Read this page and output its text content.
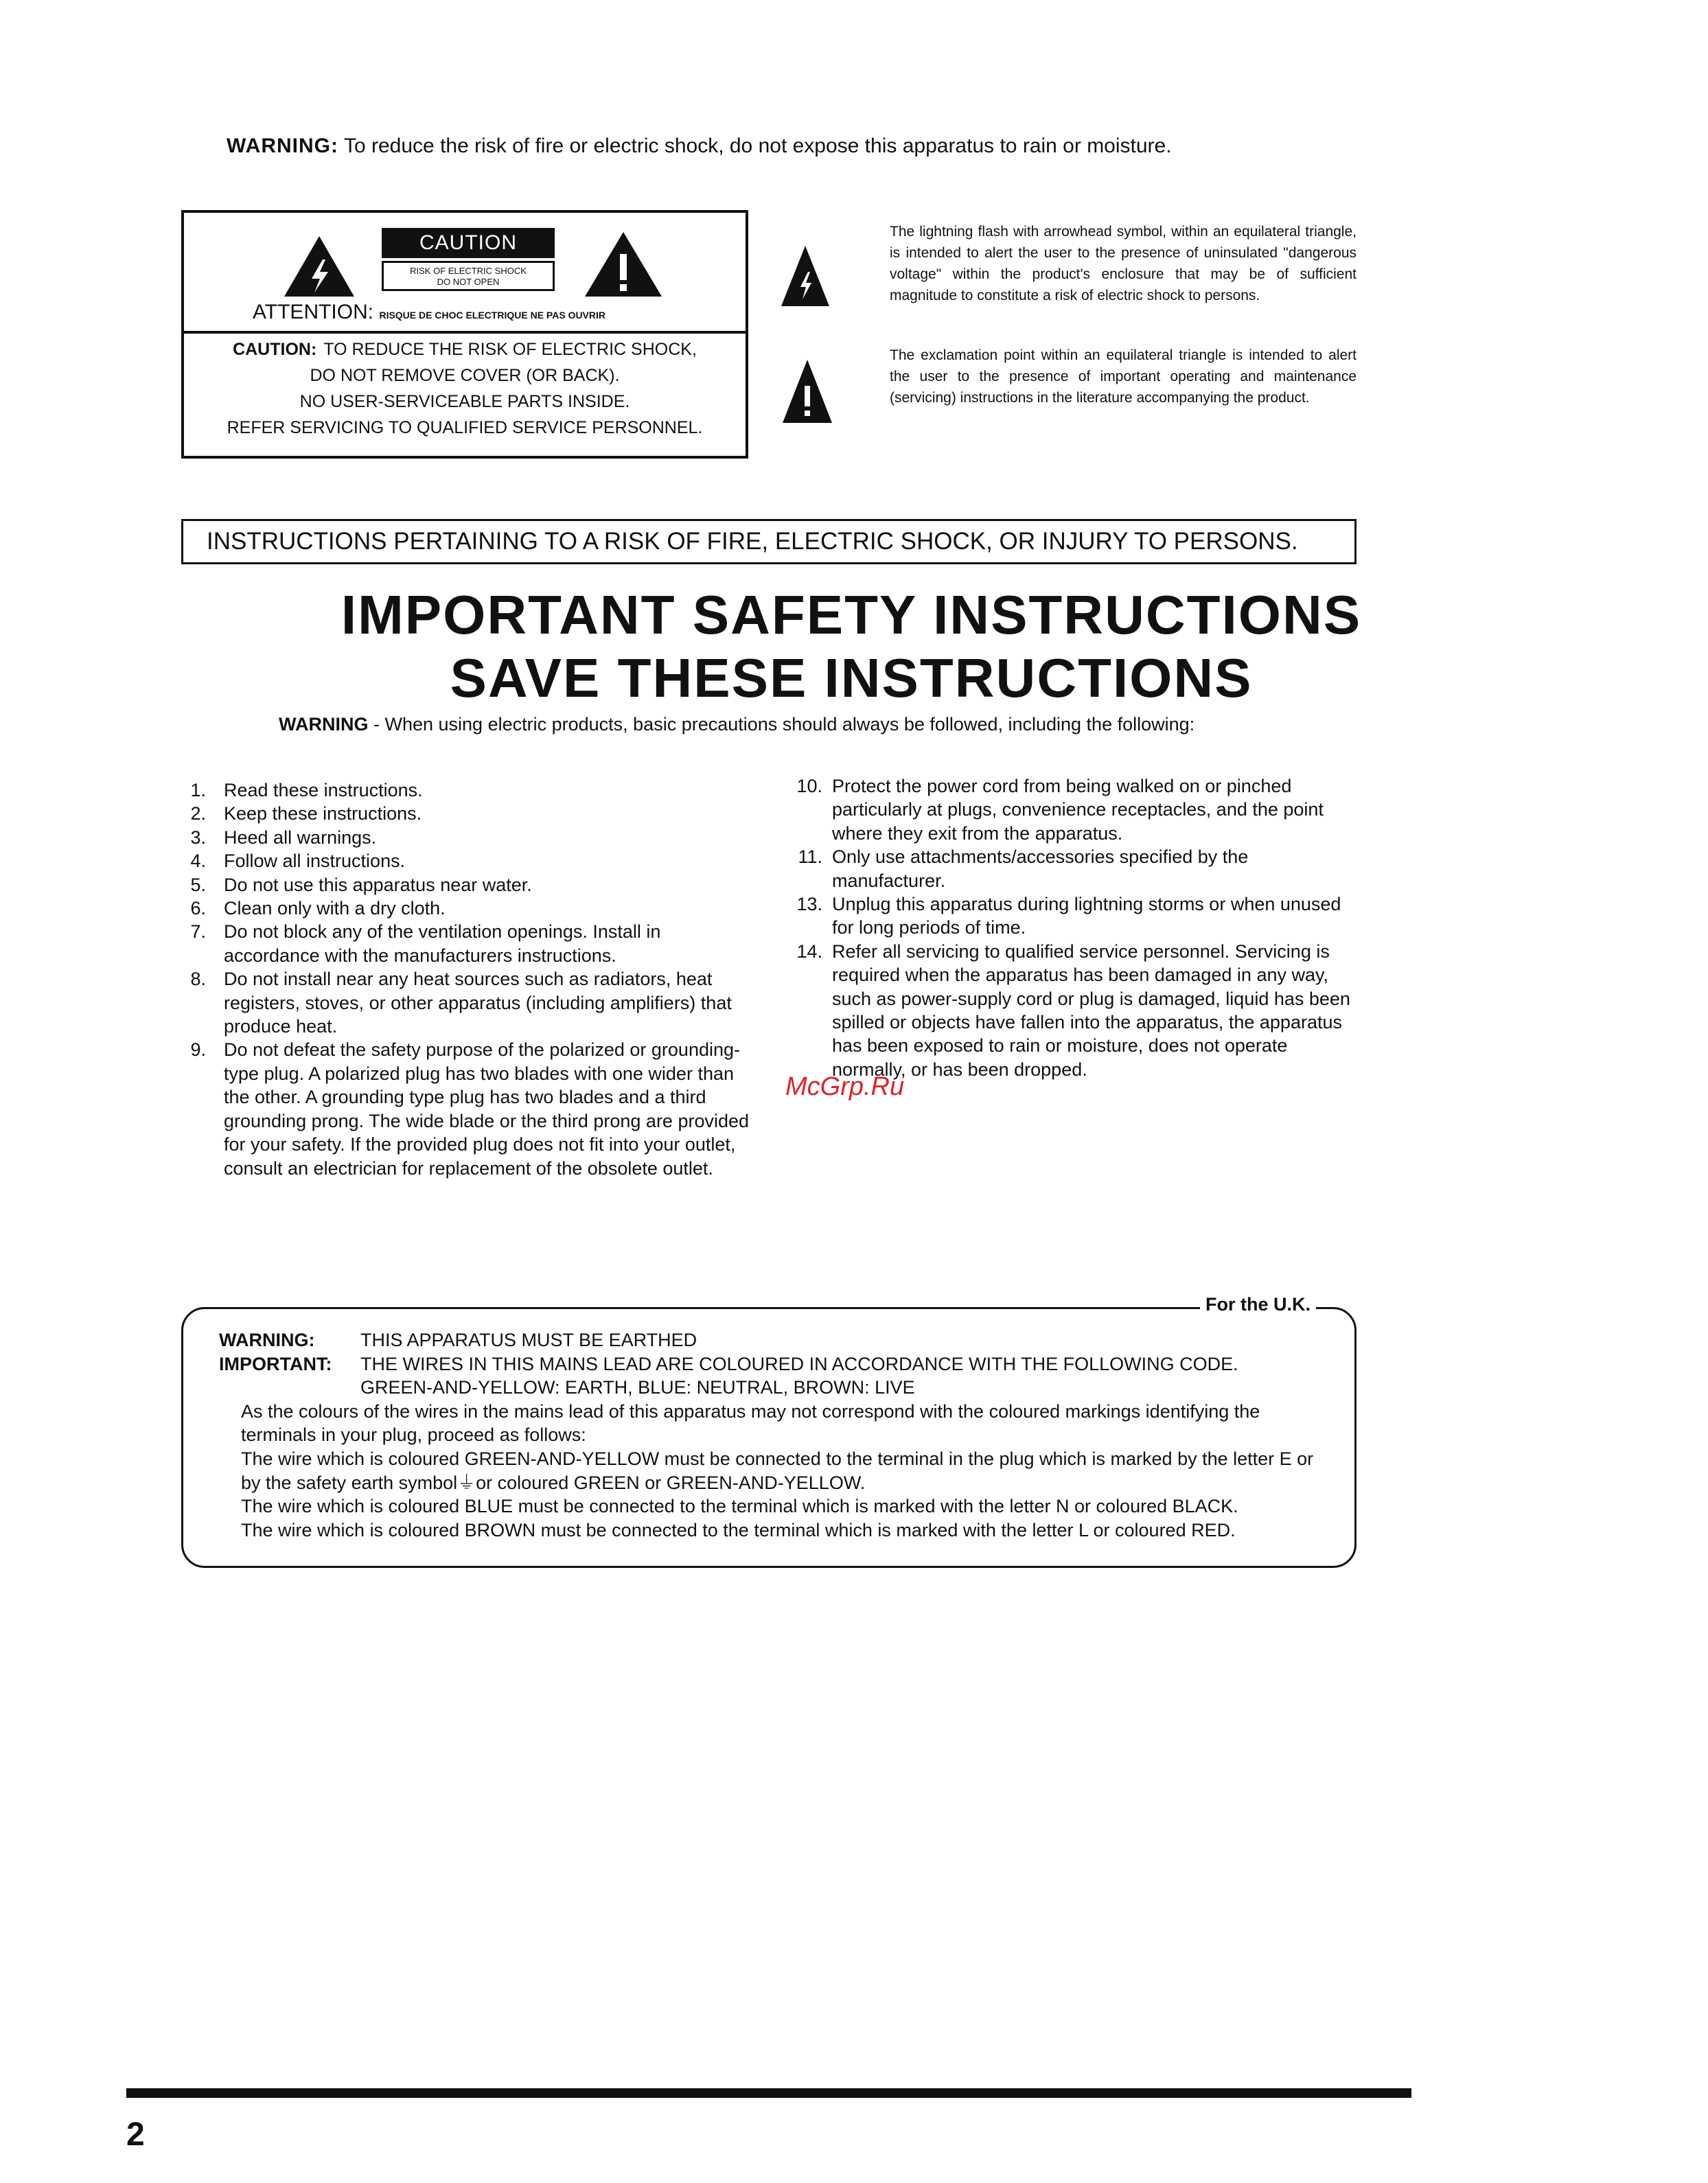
WARNING: To reduce the risk of fire or electric shock, do not expose this apparatus to rain or moisture.
CAUTION
RISK OF ELECTRIC SHOCK
DO NOT OPEN
ATTENTION: RISQUE DE CHOC ELECTRIQUE NE PAS OUVRIR
CAUTION: TO REDUCE THE RISK OF ELECTRIC SHOCK,
DO NOT REMOVE COVER (OR BACK).
NO USER-SERVICEABLE PARTS INSIDE.
REFER SERVICING TO QUALIFIED SERVICE PERSONNEL.
The lightning flash with arrowhead symbol, within an equilateral triangle, is intended to alert the user to the presence of uninsulated "dangerous voltage" within the product's enclosure that may be of sufficient magnitude to constitute a risk of electric shock to persons.
The exclamation point within an equilateral triangle is intended to alert the user to the presence of important operating and maintenance (servicing) instructions in the literature accompanying the product.
INSTRUCTIONS PERTAINING TO A RISK OF FIRE, ELECTRIC SHOCK, OR INJURY TO PERSONS.
IMPORTANT SAFETY INSTRUCTIONS
SAVE THESE INSTRUCTIONS
WARNING - When using electric products, basic precautions should always be followed, including the following:
1. Read these instructions.
2. Keep these instructions.
3. Heed all warnings.
4. Follow all instructions.
5. Do not use this apparatus near water.
6. Clean only with a dry cloth.
7. Do not block any of the ventilation openings. Install in accordance with the manufacturers instructions.
8. Do not install near any heat sources such as radiators, heat registers, stoves, or other apparatus (including amplifiers) that produce heat.
9. Do not defeat the safety purpose of the polarized or grounding-type plug. A polarized plug has two blades with one wider than the other. A grounding type plug has two blades and a third grounding prong. The wide blade or the third prong are provided for your safety. If the provided plug does not fit into your outlet, consult an electrician for replacement of the obsolete outlet.
10. Protect the power cord from being walked on or pinched particularly at plugs, convenience receptacles, and the point where they exit from the apparatus.
11. Only use attachments/accessories specified by the manufacturer.
13. Unplug this apparatus during lightning storms or when unused for long periods of time.
14. Refer all servicing to qualified service personnel. Servicing is required when the apparatus has been damaged in any way, such as power-supply cord or plug is damaged, liquid has been spilled or objects have fallen into the apparatus, the apparatus has been exposed to rain or moisture, does not operate normally, or has been dropped.
McGrp.Ru
For the U.K.
WARNING:	THIS APPARATUS MUST BE EARTHED
IMPORTANT:	THE WIRES IN THIS MAINS LEAD ARE COLOURED IN ACCORDANCE WITH THE FOLLOWING CODE.
GREEN-AND-YELLOW: EARTH, BLUE: NEUTRAL, BROWN: LIVE
As the colours of the wires in the mains lead of this apparatus may not correspond with the coloured markings identifying the terminals in your plug, proceed as follows:
The wire which is coloured GREEN-AND-YELLOW must be connected to the terminal in the plug which is marked by the letter E or by the safety earth symbol⏚or coloured GREEN or GREEN-AND-YELLOW.
The wire which is coloured BLUE must be connected to the terminal which is marked with the letter N or coloured BLACK.
The wire which is coloured BROWN must be connected to the terminal which is marked with the letter L or coloured RED.
2
